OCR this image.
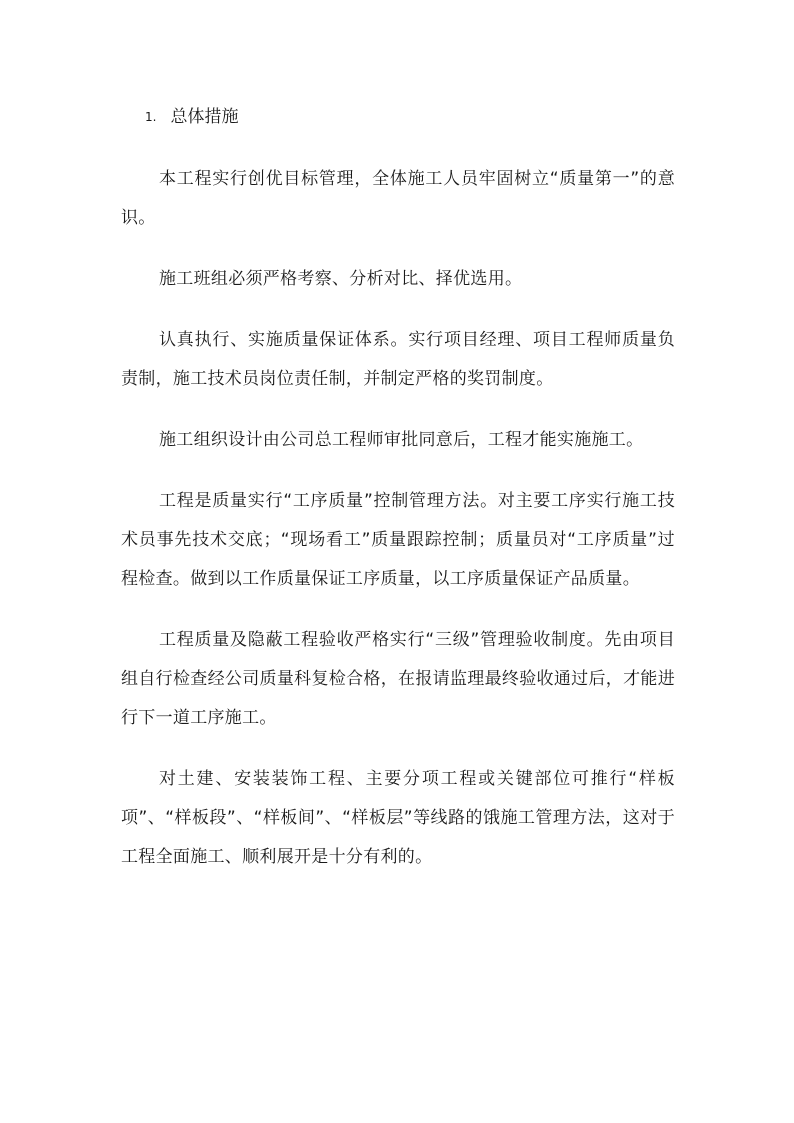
1. 总体措施

本工程实行创优目标管理，全体施工人员牢固树立“质量第一”的意识。

施工班组必须严格考察、分析对比、择优选用。

认真执行、实施质量保证体系。实行项目经理、项目工程师质量负责制，施工技术员岗位责任制，并制定严格的奖罚制度。

施工组织设计由公司总工程师审批同意后，工程才能实施施工。

工程是质量实行“工序质量”控制管理方法。对主要工序实行施工技术员事先技术交底；“现场看工”质量跟踪控制；质量员对“工序质量”过程检查。做到以工作质量保证工序质量，以工序质量保证产品质量。

工程质量及隐蔽工程验收严格实行“三级”管理验收制度。先由项目组自行检查经公司质量科复检合格，在报请监理最终验收通过后，才能进行下一道工序施工。

对土建、安装装饰工程、主要分项工程或关键部位可推行“样板项”、“样板段”、“样板间”、“样板层”等线路的饿施工管理方法，这对于工程全面施工、顺利展开是十分有利的。
